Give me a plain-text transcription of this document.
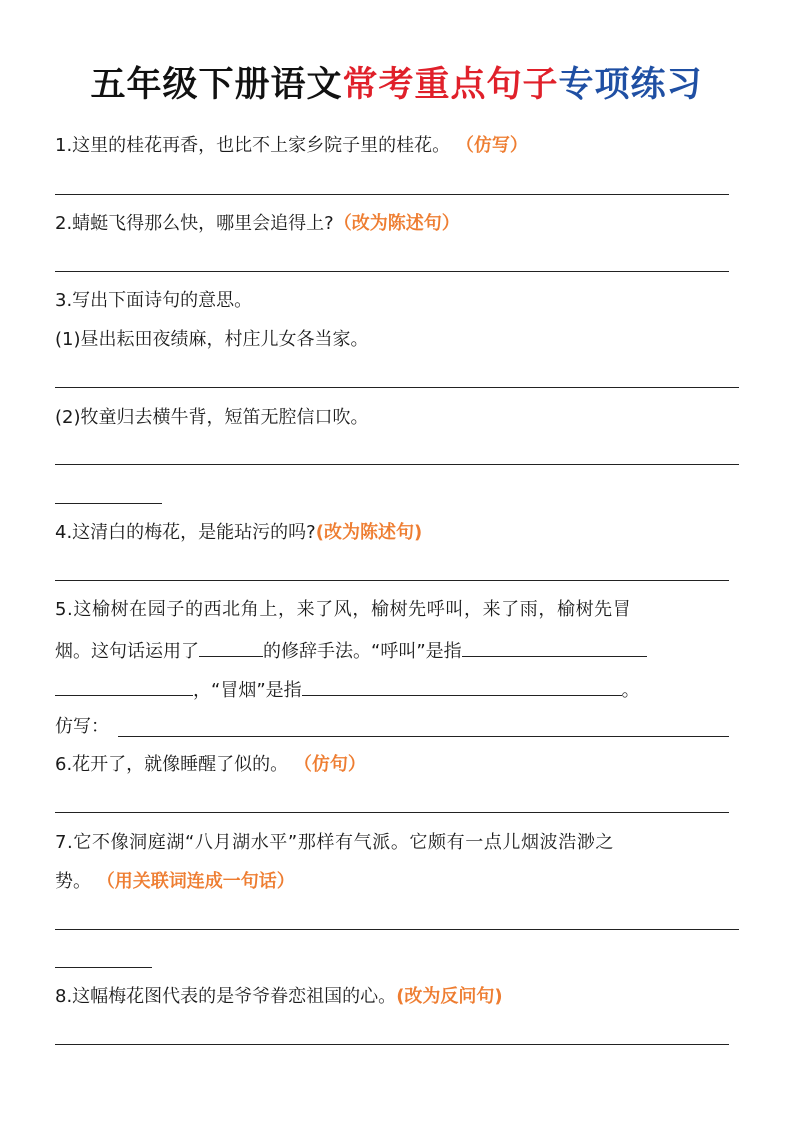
五年级下册语文常考重点句子专项练习
1.这里的桂花再香，也比不上家乡院子里的桂花。 （仿写）
2.蜻蜓飞得那么快，哪里会追得上?（改为陈述句）
3.写出下面诗句的意思。
(1)昼出耘田夜绩麻，村庄儿女各当家。
(2)牧童归去横牛背，短笛无腔信口吹。
4.这清白的梅花，是能玷污的吗?(改为陈述句)
5.这榆树在园子的西北角上，来了风，榆树先呼叫，来了雨，榆树先冒
烟。这句话运用了	的修辞手法。“呼叫”是指
，“冒烟”是指	。
仿写：
6.花开了，就像睡醒了似的。 （仿句）
7.它不像洞庭湖“八月湖水平”那样有气派。它颇有一点儿烟波浩渺之
势。 （用关联词连成一句话）
8.这幅梅花图代表的是爷爷眷恋祖国的心。(改为反问句)
